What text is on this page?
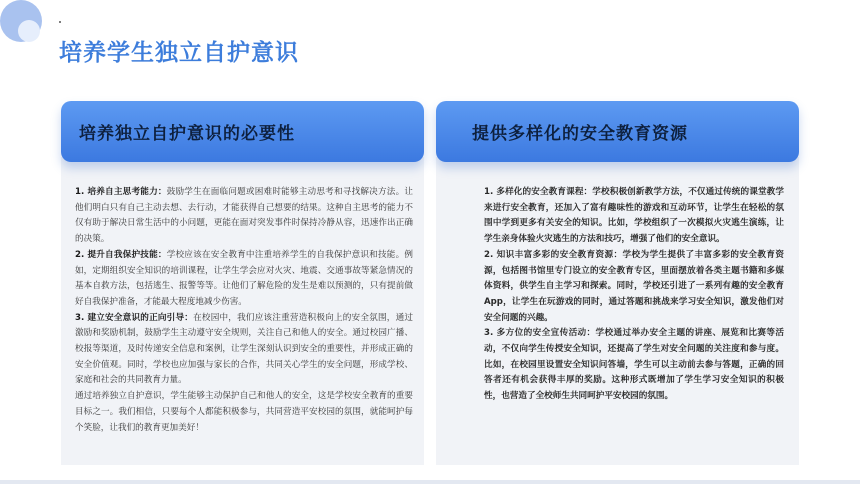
培养学生独立自护意识
培养独立自护意识的必要性	提供多样化的安全教育资源

1. 培养自主思考能力：鼓励学生在面临问题或困难时能够主动思考和寻找解决方法。让他们明白只有自己主动去想、去行动，才能获得自己想要的结果。这种自主思考的能力不仅有助于解决日常生活中的小问题，更能在面对突发事件时保持冷静从容，迅速作出正确的决策。

2. 提升自我保护技能：学校应该在安全教育中注重培养学生的自我保护意识和技能。例如，定期组织安全知识的培训课程，让学生学会应对火灾、地震、交通事故等紧急情况的基本自救方法，包括逃生、报警等等。让他们了解危险的发生是难以预测的，只有提前做好自我保护准备，才能最大程度地减少伤害。

3. 建立安全意识的正向引导：在校园中，我们应该注重营造积极向上的安全氛围，通过激励和奖励机制，鼓励学生主动遵守安全规则，关注自己和他人的安全。通过校园广播、校报等渠道，及时传递安全信息和案例，让学生深刻认识到安全的重要性，并形成正确的安全价值观。同时，学校也应加强与家长的合作，共同关心学生的安全问题，形成学校、家庭和社会的共同教育力量。

通过培养独立自护意识，学生能够主动保护自己和他人的安全，这是学校安全教育的重要目标之一。我们相信，只要每个人都能积极参与，共同营造平安校园的氛围，就能呵护每个笑脸，让我们的教育更加美好！

1. 多样化的安全教育课程：学校积极创新教学方法，不仅通过传统的课堂教学来进行安全教育，还加入了富有趣味性的游戏和互动环节，让学生在轻松的氛围中学到更多有关安全的知识。比如，学校组织了一次模拟火灾逃生演练，让学生亲身体验火灾逃生的方法和技巧，增强了他们的安全意识。

2. 知识丰富多彩的安全教育资源：学校为学生提供了丰富多彩的安全教育资源，包括图书馆里专门设立的安全教育专区，里面摆放着各类主题书籍和多媒体资料，供学生自主学习和探索。同时，学校还引进了一系列有趣的安全教育App，让学生在玩游戏的同时，通过答题和挑战来学习安全知识，激发他们对安全问题的兴趣。

3. 多方位的安全宣传活动：学校通过举办安全主题的讲座、展览和比赛等活动，不仅向学生传授安全知识，还提高了学生对安全问题的关注度和参与度。比如，在校园里设置安全知识问答墙，学生可以主动前去参与答题，正确的回答者还有机会获得丰厚的奖励。这种形式既增加了学生学习安全知识的积极性，也营造了全校师生共同呵护平安校园的氛围。
